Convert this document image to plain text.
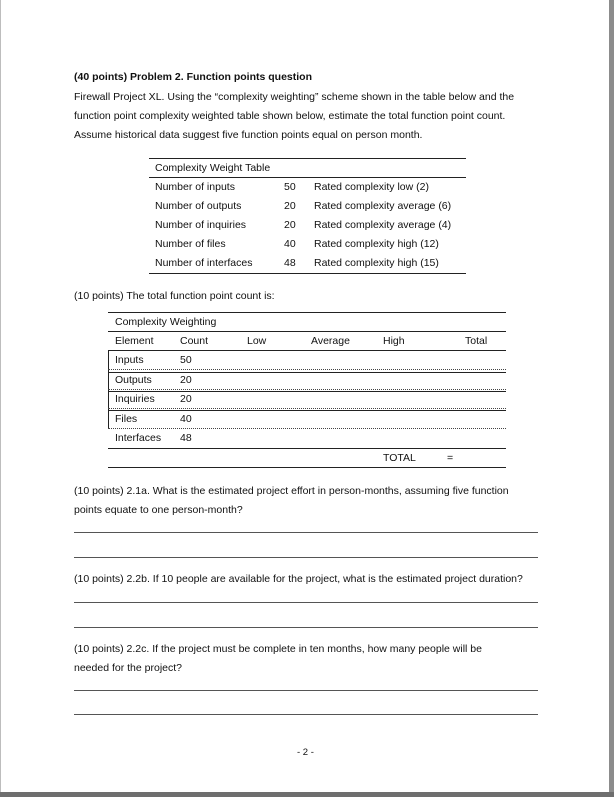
(40 points) Problem 2. Function points question
Firewall Project XL. Using the “complexity weighting” scheme shown in the table below and the
function point complexity weighted table shown below, estimate the total function point count.
Assume historical data suggest five function points equal on person month.
Complexity Weight Table
Number of inputs	50 Rated complexity low (2)
Number of outputs	20 Rated complexity average (6)
Number of inquiries	20 Rated complexity average (4)
Number of files	40 Rated complexity high (12)
Number of interfaces	48 Rated complexity high (15)
(10 points) The total function point count is:
Complexity Weighting
Element	Count	Low	Average	High	Total
Inputs	50
Outputs	20
Inquiries 20
Files	40
Interfaces 48
TOTAL	=
(10 points) 2.1a. What is the estimated project effort in person-months, assuming five function
points equate to one person-month?
(10 points) 2.2b. If 10 people are available for the project, what is the estimated project duration?
(10 points) 2.2c. If the project must be complete in ten months, how many people will be
needed for the project?
- 2 -
